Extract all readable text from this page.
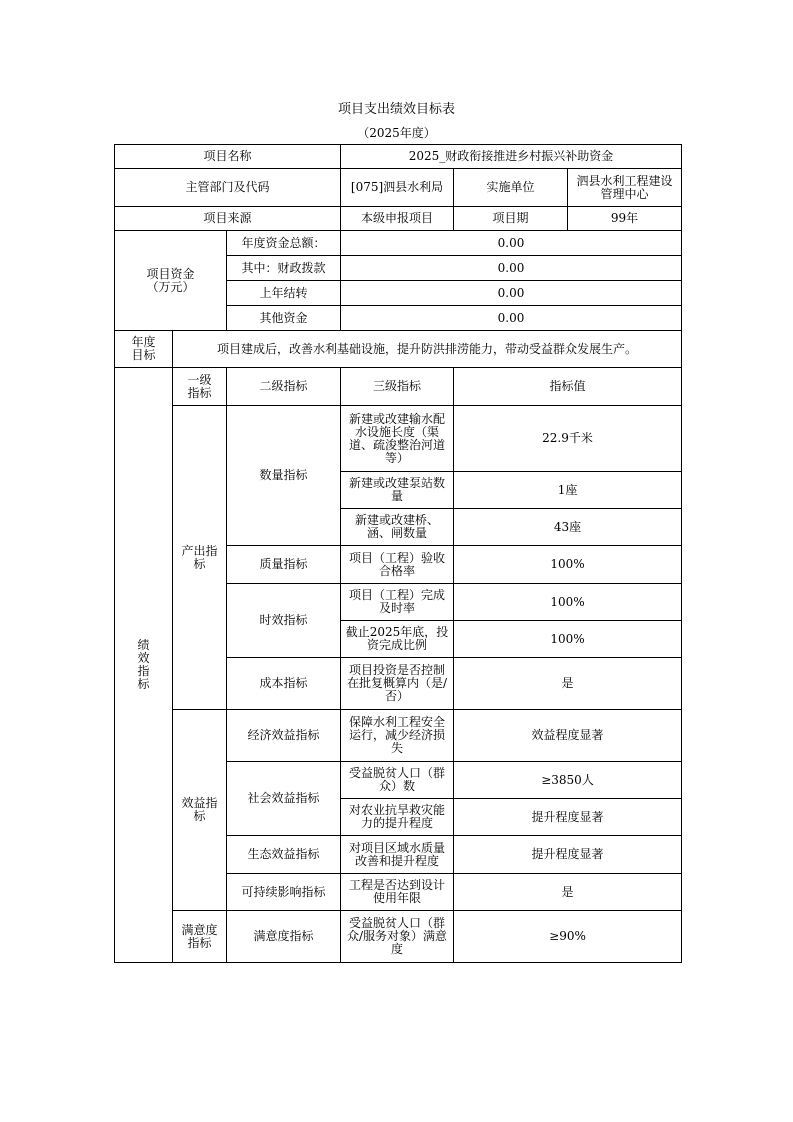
项目支出绩效目标表
（2025年度）
项目名称			2025_财政衔接推进乡村振兴补助资金		
主管部门及代码			[075]泗县水利局	实施单位	泗县水利工程建设管理中心
项目来源			本级申报项目	项目期	99年

项目资金（万元）		年度资金总额：	0.00		
		其中：财政拨款	0.00		
		上年结转	0.00		
		其他资金	0.00		

年度目标	项目建成后，改善水利基础设施，提升防洪排涝能力，带动受益群众发展生产。				

绩效指标	一级指标	二级指标	三级指标	指标值	

	产出指标	数量指标	新建或改建输水配水设施长度（渠道、疏浚整治河道等）	22.9千米	
			新建或改建泵站数量	1座	
			新建或改建桥、涵、闸数量	43座	
		质量指标	项目（工程）验收合格率	100%	
		时效指标	项目（工程）完成及时率	100%	
			截止2025年底，投资完成比例	100%	
		成本指标	项目投资是否控制在批复概算内（是/否）	是	

	效益指标	经济效益指标	保障水利工程安全运行，减少经济损失	效益程度显著	
		社会效益指标	受益脱贫人口（群众）数	≥3850人	
			对农业抗旱救灾能力的提升程度	提升程度显著	
		生态效益指标	对项目区域水质量改善和提升程度	提升程度显著	
		可持续影响指标	工程是否达到设计使用年限	是	

	满意度指标	满意度指标	受益脱贫人口（群众/服务对象）满意度	≥90%	
